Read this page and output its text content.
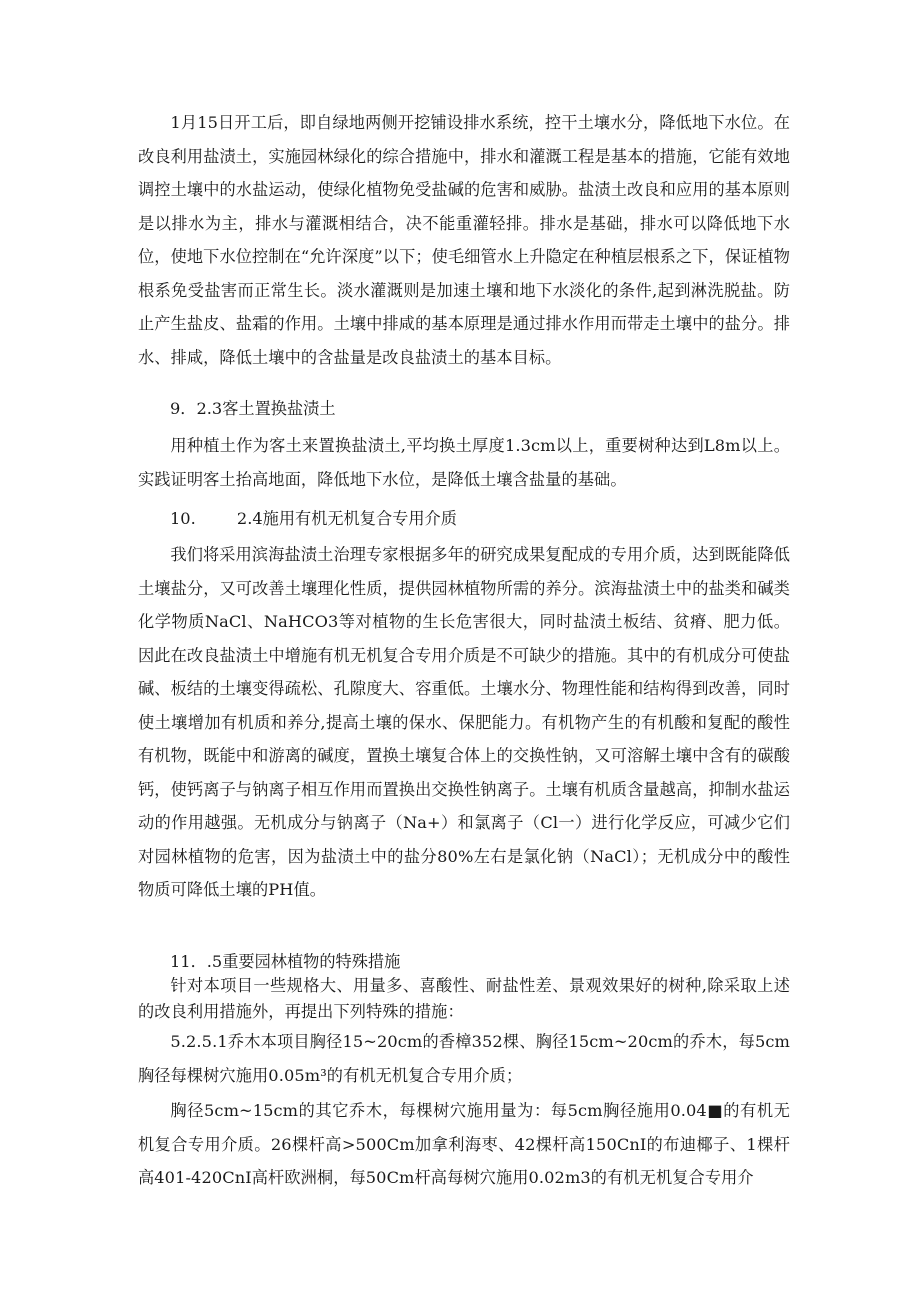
1月15日开工后，即自绿地两侧开挖铺设排水系统，控干土壤水分，降低地下水位。在改良利用盐渍土，实施园林绿化的综合措施中，排水和灌溉工程是基本的措施，它能有效地调控土壤中的水盐运动，使绿化植物免受盐碱的危害和威胁。盐渍土改良和应用的基本原则是以排水为主，排水与灌溉相结合，决不能重灌轻排。排水是基础，排水可以降低地下水位，使地下水位控制在“允许深度”以下；使毛细管水上升隐定在种植层根系之下，保证植物根系免受盐害而正常生长。淡水灌溉则是加速土壤和地下水淡化的条件,起到淋洗脱盐。防止产生盐皮、盐霜的作用。土壤中排咸的基本原理是通过排水作用而带走土壤中的盐分。排水、排咸，降低土壤中的含盐量是改良盐渍土的基本目标。

9．2.3客土置换盐渍土

用种植土作为客土来置换盐渍土,平均换土厚度1.3cm以上，重要树种达到L8m以上。实践证明客土抬高地面，降低地下水位，是降低土壤含盐量的基础。

10.        2.4施用有机无机复合专用介质

我们将采用滨海盐渍土治理专家根据多年的研究成果复配成的专用介质，达到既能降低土壤盐分，又可改善土壤理化性质，提供园林植物所需的养分。滨海盐渍土中的盐类和碱类化学物质NaCl、NaHCO3等对植物的生长危害很大，同时盐渍土板结、贫瘠、肥力低。因此在改良盐渍土中增施有机无机复合专用介质是不可缺少的措施。其中的有机成分可使盐碱、板结的土壤变得疏松、孔隙度大、容重低。土壤水分、物理性能和结构得到改善，同时使土壤增加有机质和养分,提高土壤的保水、保肥能力。有机物产生的有机酸和复配的酸性有机物，既能中和游离的碱度，置换土壤复合体上的交换性钠，又可溶解土壤中含有的碳酸钙，使钙离子与钠离子相互作用而置换出交换性钠离子。土壤有机质含量越高，抑制水盐运动的作用越强。无机成分与钠离子（Na+）和氯离子（Cl一）进行化学反应，可减少它们对园林植物的危害，因为盐渍土中的盐分80%左右是氯化钠（NaCl）；无机成分中的酸性物质可降低土壤的PH值。

11．.5重要园林植物的特殊措施

针对本项目一些规格大、用量多、喜酸性、耐盐性差、景观效果好的树种,除采取上述的改良利用措施外，再提出下列特殊的措施：

5.2.5.1乔木本项目胸径15~20cm的香樟352棵、胸径15cm~20cm的乔木，每5cm胸径每棵树穴施用0.05m³的有机无机复合专用介质；

胸径5cm~15cm的其它乔木，每棵树穴施用量为：每5cm胸径施用0.04■的有机无机复合专用介质。26棵杆高>500Cm加拿利海枣、42棵杆高150CnI的布迪椰子、1棵杆高401-420CnI高杆欧洲桐，每50Cm杆高每树穴施用0.02m3的有机无机复合专用介
